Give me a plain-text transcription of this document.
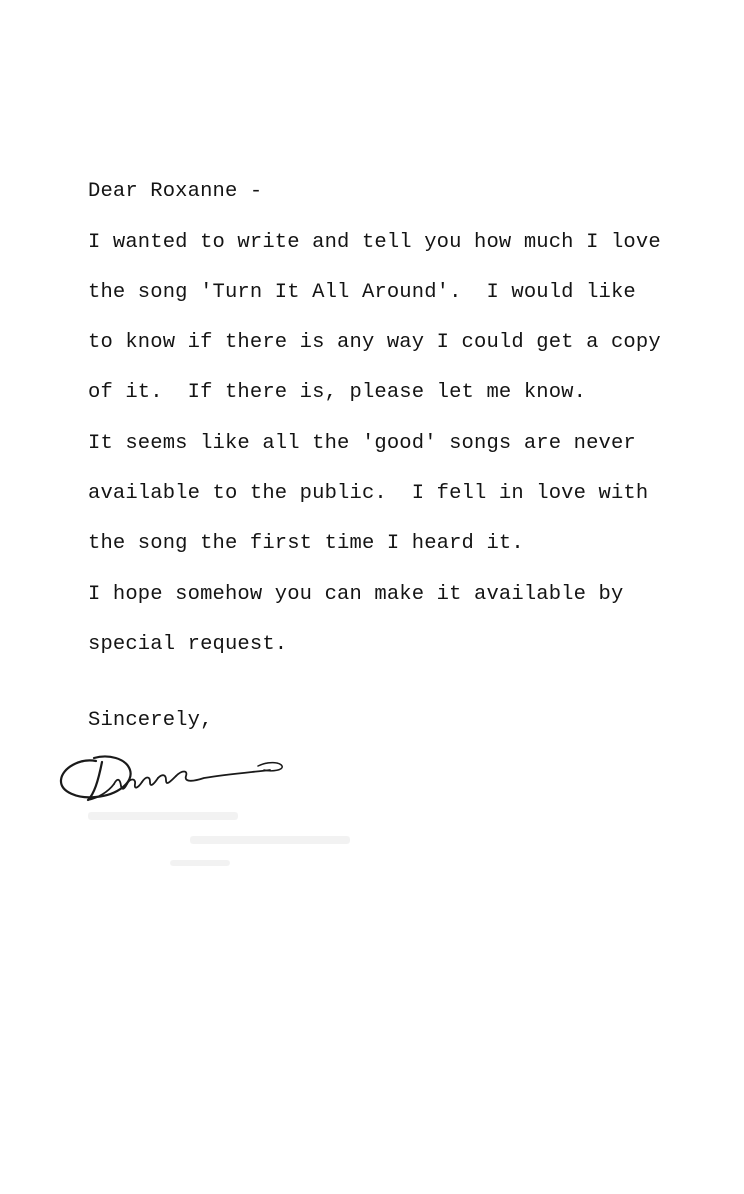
Dear Roxanne -

I wanted to write and tell you how much I love

the song 'Turn It All Around'.  I would like

to know if there is any way I could get a copy

of it.  If there is, please let me know.

It seems like all the 'good' songs are never

available to the public.  I fell in love with

the song the first time I heard it.

I hope somehow you can make it available by

special request.

Sincerely,
